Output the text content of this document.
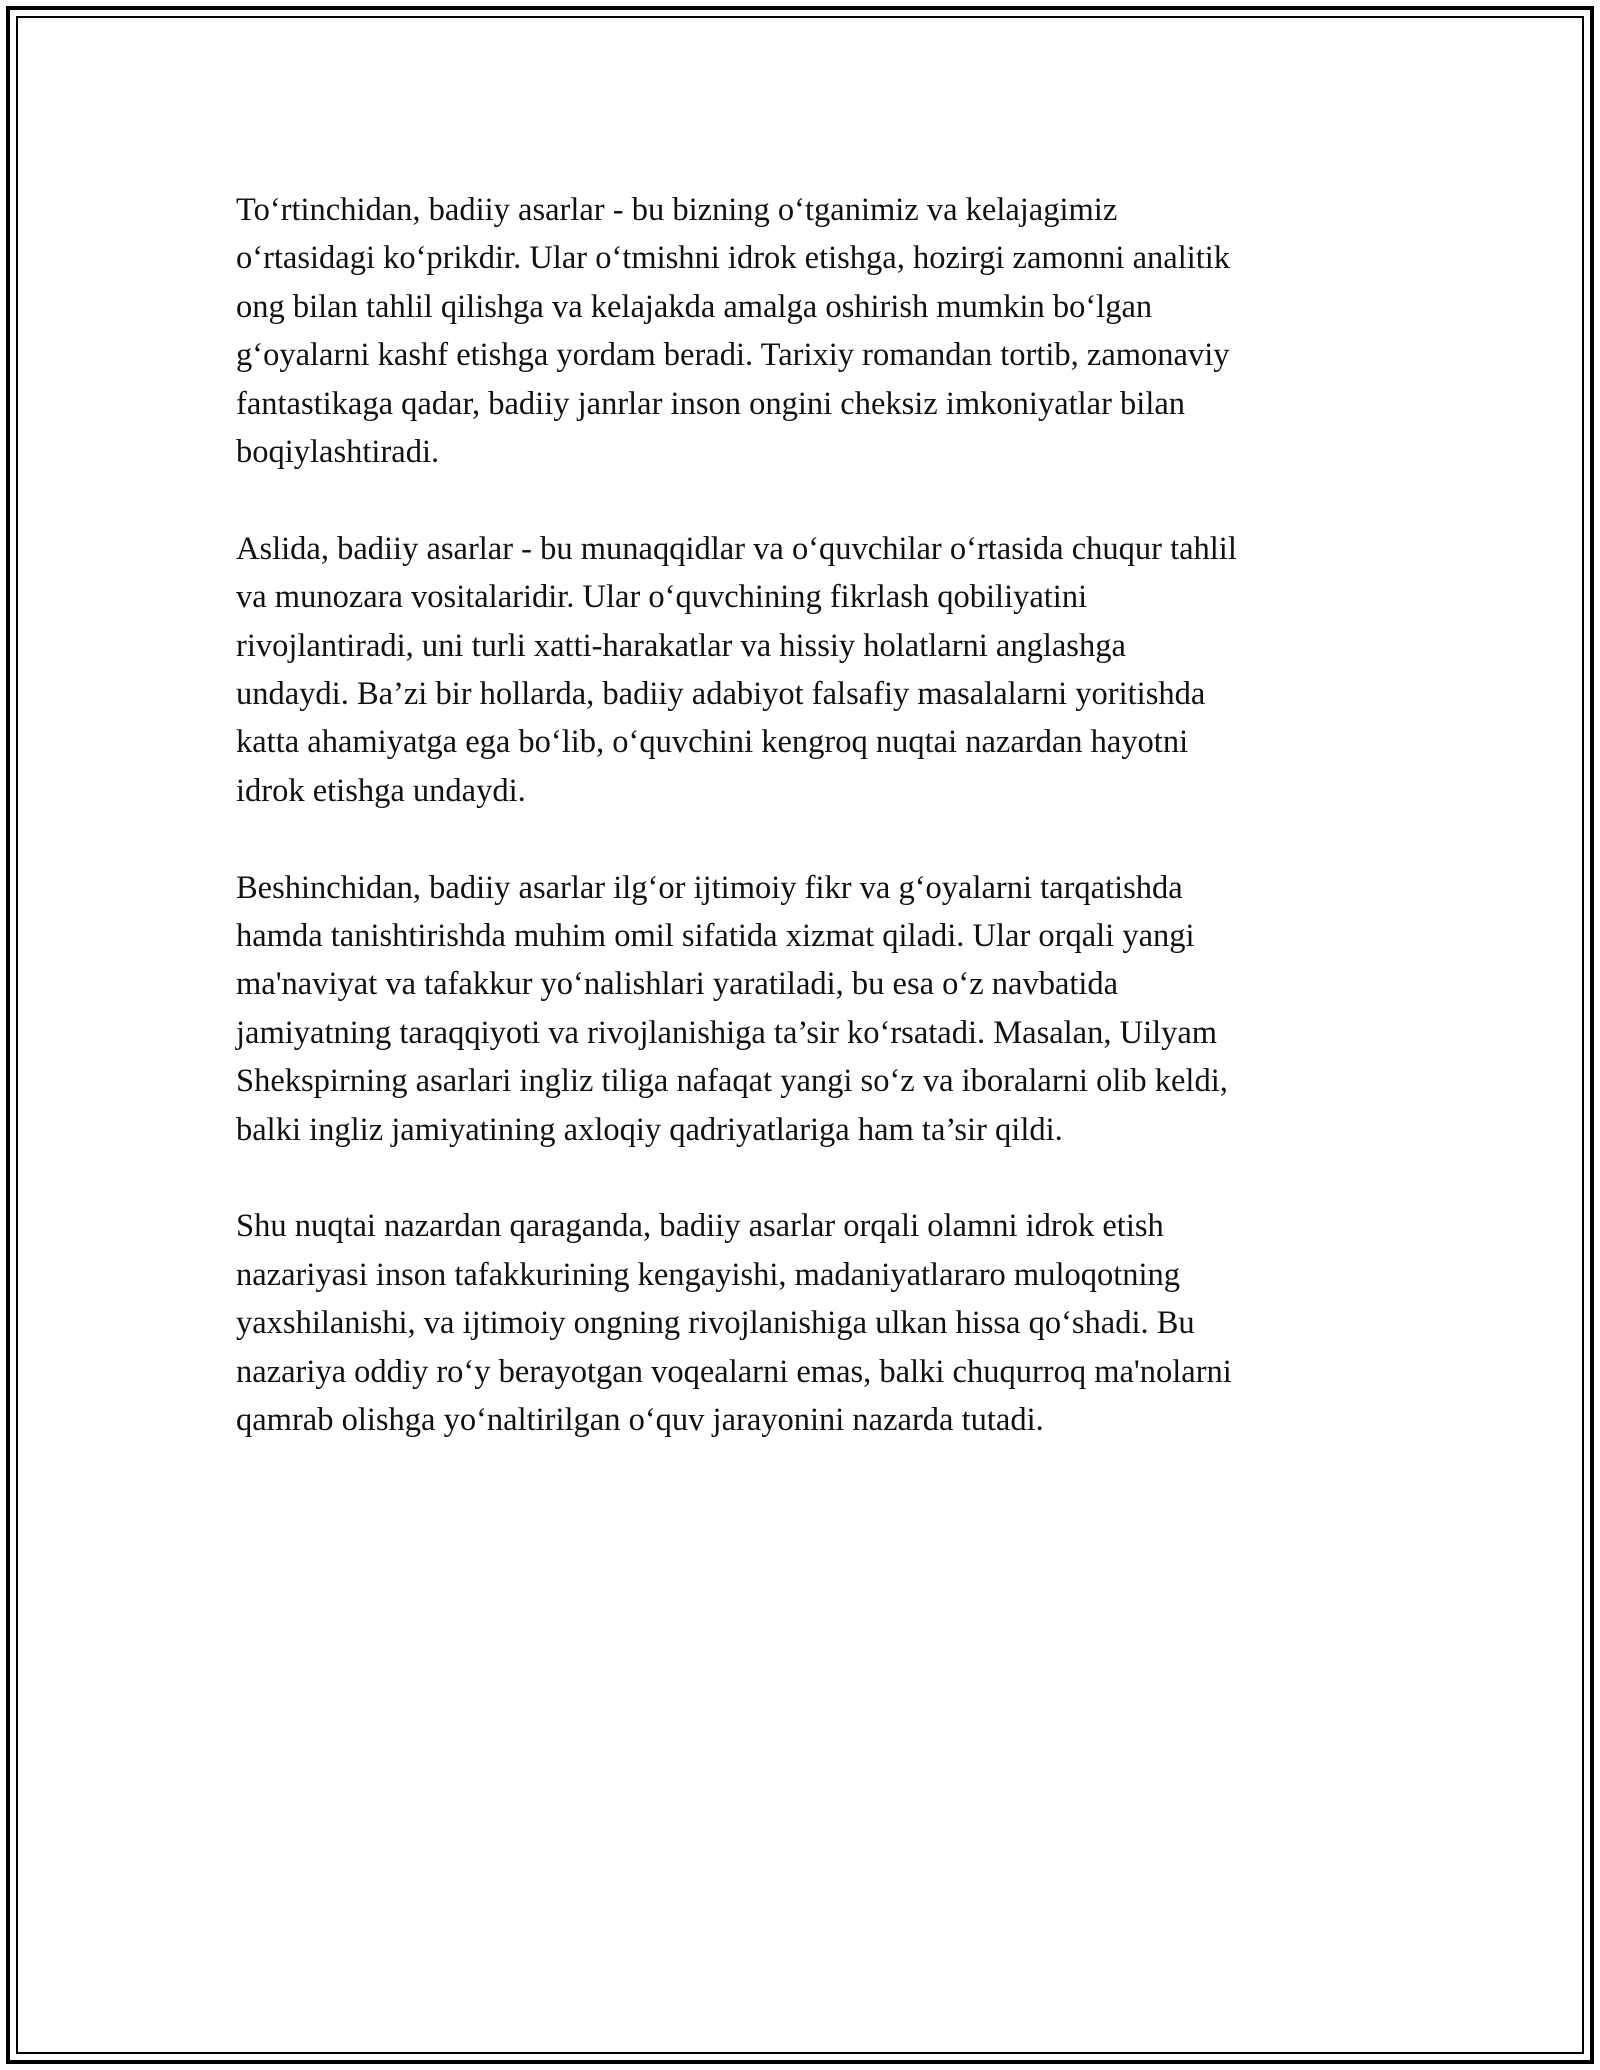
To‘rtinchidan, badiiy asarlar - bu bizning o‘tganimiz va kelajagimiz
o‘rtasidagi ko‘prikdir. Ular o‘tmishni idrok etishga, hozirgi zamonni analitik
ong bilan tahlil qilishga va kelajakda amalga oshirish mumkin bo‘lgan
g‘oyalarni kashf etishga yordam beradi. Tarixiy romandan tortib, zamonaviy
fantastikaga qadar, badiiy janrlar inson ongini cheksiz imkoniyatlar bilan
boqiylashtiradi.

Aslida, badiiy asarlar - bu munaqqidlar va o‘quvchilar o‘rtasida chuqur tahlil
va munozara vositalaridir. Ular o‘quvchining fikrlash qobiliyatini
rivojlantiradi, uni turli xatti-harakatlar va hissiy holatlarni anglashga
undaydi. Ba’zi bir hollarda, badiiy adabiyot falsafiy masalalarni yoritishda
katta ahamiyatga ega bo‘lib, o‘quvchini kengroq nuqtai nazardan hayotni
idrok etishga undaydi.

Beshinchidan, badiiy asarlar ilg‘or ijtimoiy fikr va g‘oyalarni tarqatishda
hamda tanishtirishda muhim omil sifatida xizmat qiladi. Ular orqali yangi
ma'naviyat va tafakkur yo‘nalishlari yaratiladi, bu esa o‘z navbatida
jamiyatning taraqqiyoti va rivojlanishiga ta’sir ko‘rsatadi. Masalan, Uilyam
Shekspirning asarlari ingliz tiliga nafaqat yangi so‘z va iboralarni olib keldi,
balki ingliz jamiyatining axloqiy qadriyatlariga ham ta’sir qildi.

Shu nuqtai nazardan qaraganda, badiiy asarlar orqali olamni idrok etish
nazariyasi inson tafakkurining kengayishi, madaniyatlararo muloqotning
yaxshilanishi, va ijtimoiy ongning rivojlanishiga ulkan hissa qo‘shadi. Bu
nazariya oddiy ro‘y berayotgan voqealarni emas, balki chuqurroq ma'nolarni
qamrab olishga yo‘naltirilgan o‘quv jarayonini nazarda tutadi.
